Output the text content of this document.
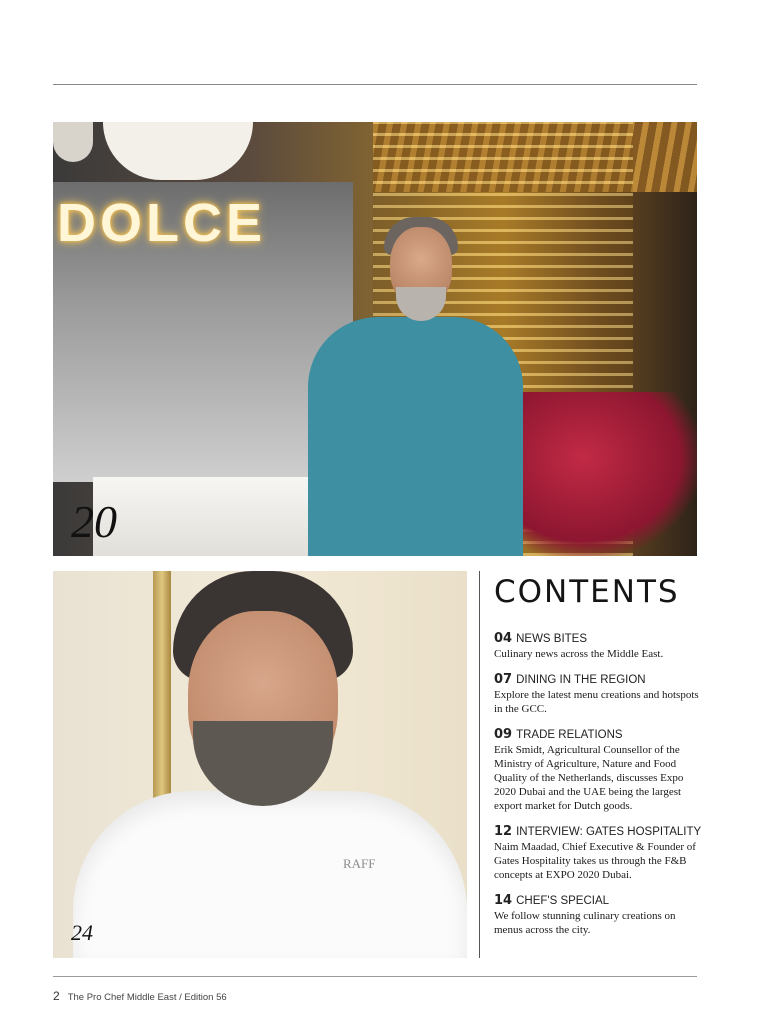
DOLCE
20
RAFF
24
CONTENTS
04 NEWS BITES
Culinary news across the Middle East.
07 DINING IN THE REGION
Explore the latest menu creations and hotspots in the GCC.
09 TRADE RELATIONS
Erik Smidt, Agricultural Counsellor of the Ministry of Agriculture, Nature and Food Quality of the Netherlands, discusses Expo 2020 Dubai and the UAE being the largest export market for Dutch goods.
12 INTERVIEW: GATES HOSPITALITY
Naim Maadad, Chief Executive & Founder of Gates Hospitality takes us through the F&B concepts at EXPO 2020 Dubai.
14 CHEF'S SPECIAL
We follow stunning culinary creations on menus across the city.
2 The Pro Chef Middle East / Edition 56
